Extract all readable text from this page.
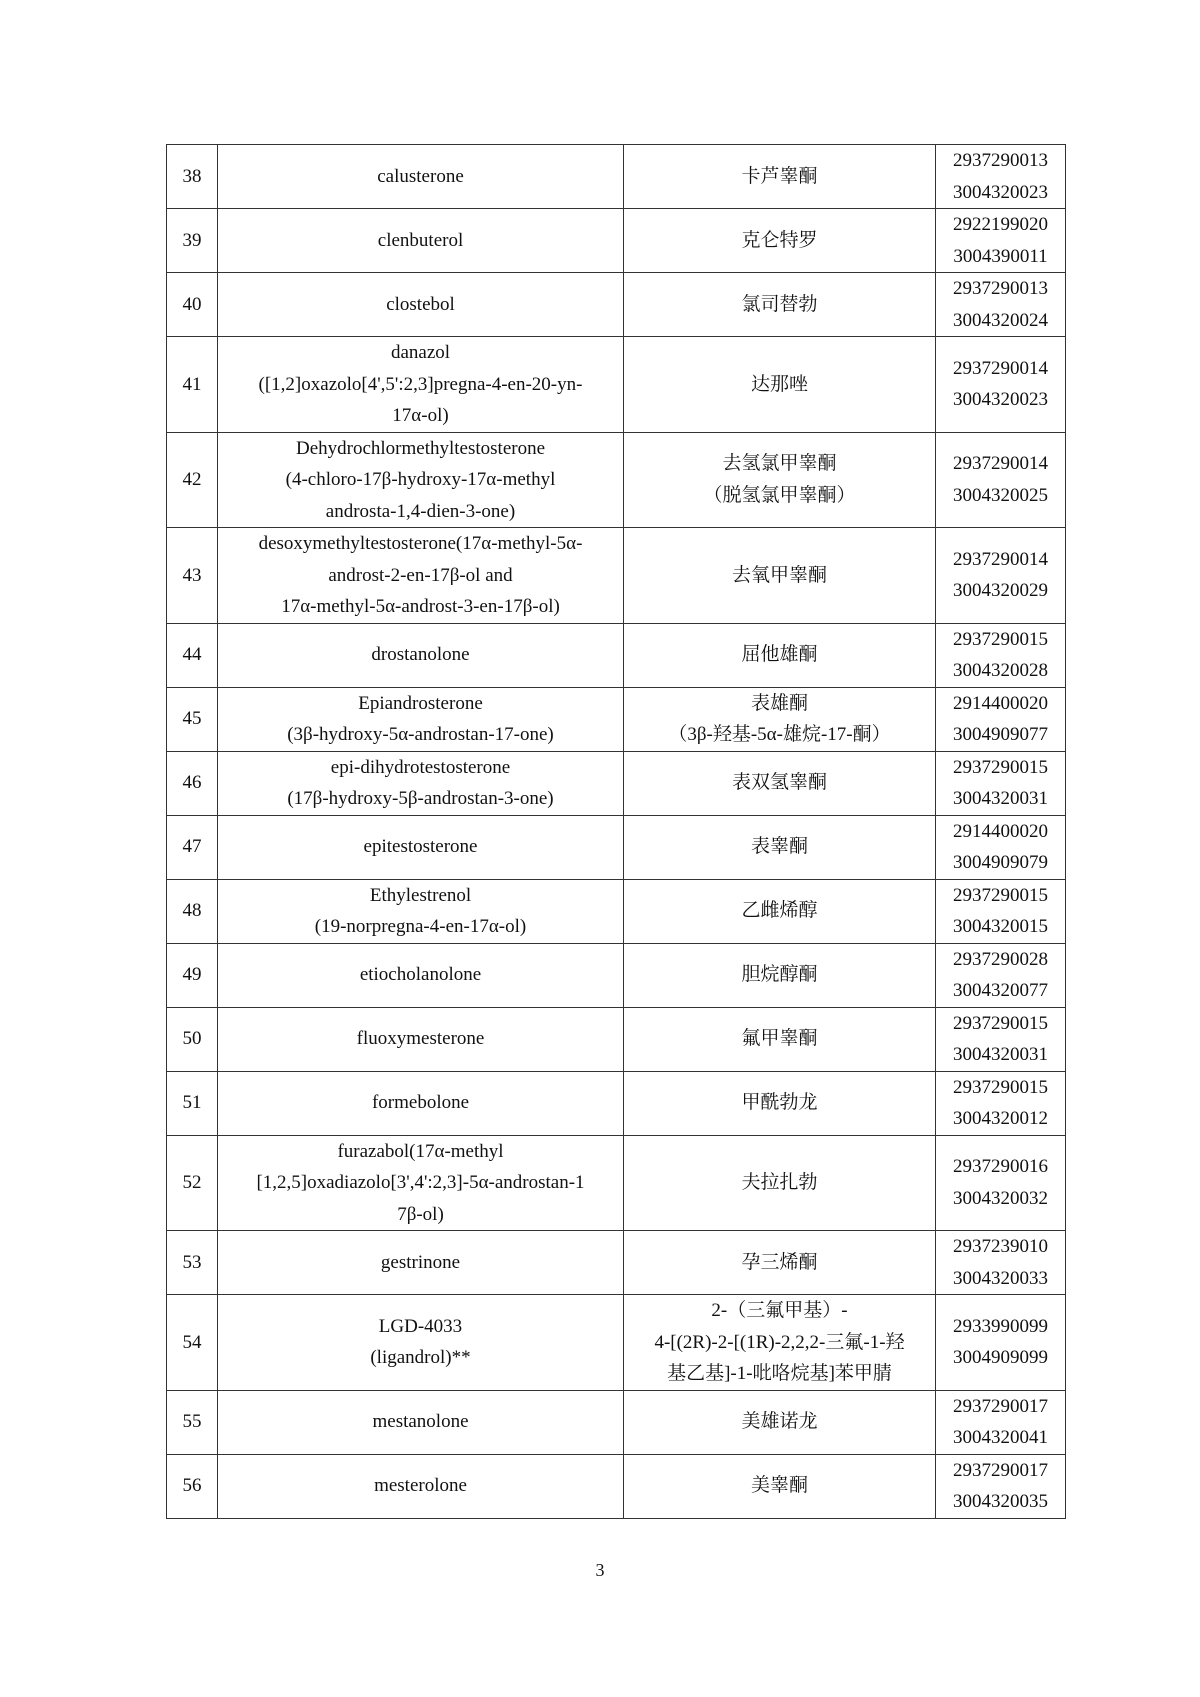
38	calusterone	卡芦睾酮	2937290013
3004320023

39	clenbuterol	克仑特罗	2922199020
3004390011

40	clostebol	氯司替勃	2937290013
3004320024

41	danazol
([1,2]oxazolo[4',5':2,3]pregna-4-en-20-yn-
17α-ol)	达那唑	2937290014
3004320023

42	Dehydrochlormethyltestosterone
(4-chloro-17β-hydroxy-17α-methyl
androsta-1,4-dien-3-one)	去氢氯甲睾酮
（脱氢氯甲睾酮）	2937290014
3004320025

43	desoxymethyltestosterone(17α-methyl-5α-
androst-2-en-17β-ol and
17α-methyl-5α-androst-3-en-17β-ol)	去氧甲睾酮	2937290014
3004320029

44	drostanolone	屈他雄酮	2937290015
3004320028

45	Epiandrosterone
(3β-hydroxy-5α-androstan-17-one)	表雄酮
（3β-羟基-5α-雄烷-17-酮）	2914400020
3004909077

46	epi-dihydrotestosterone
(17β-hydroxy-5β-androstan-3-one)	表双氢睾酮	2937290015
3004320031

47	epitestosterone	表睾酮	2914400020
3004909079

48	Ethylestrenol
(19-norpregna-4-en-17α-ol)	乙雌烯醇	2937290015
3004320015

49	etiocholanolone	胆烷醇酮	2937290028
3004320077

50	fluoxymesterone	氟甲睾酮	2937290015
3004320031

51	formebolone	甲酰勃龙	2937290015
3004320012

52	furazabol(17α-methyl
[1,2,5]oxadiazolo[3',4':2,3]-5α-androstan-1
7β-ol)	夫拉扎勃	2937290016
3004320032

53	gestrinone	孕三烯酮	2937239010
3004320033

54	LGD-4033
(ligandrol)**	2-（三氟甲基）-
4-[(2R)-2-[(1R)-2,2,2-三氟-1-羟
基乙基]-1-吡咯烷基]苯甲腈	2933990099
3004909099

55	mestanolone	美雄诺龙	2937290017
3004320041

56	mesterolone	美睾酮	2937290017
3004320035
3
